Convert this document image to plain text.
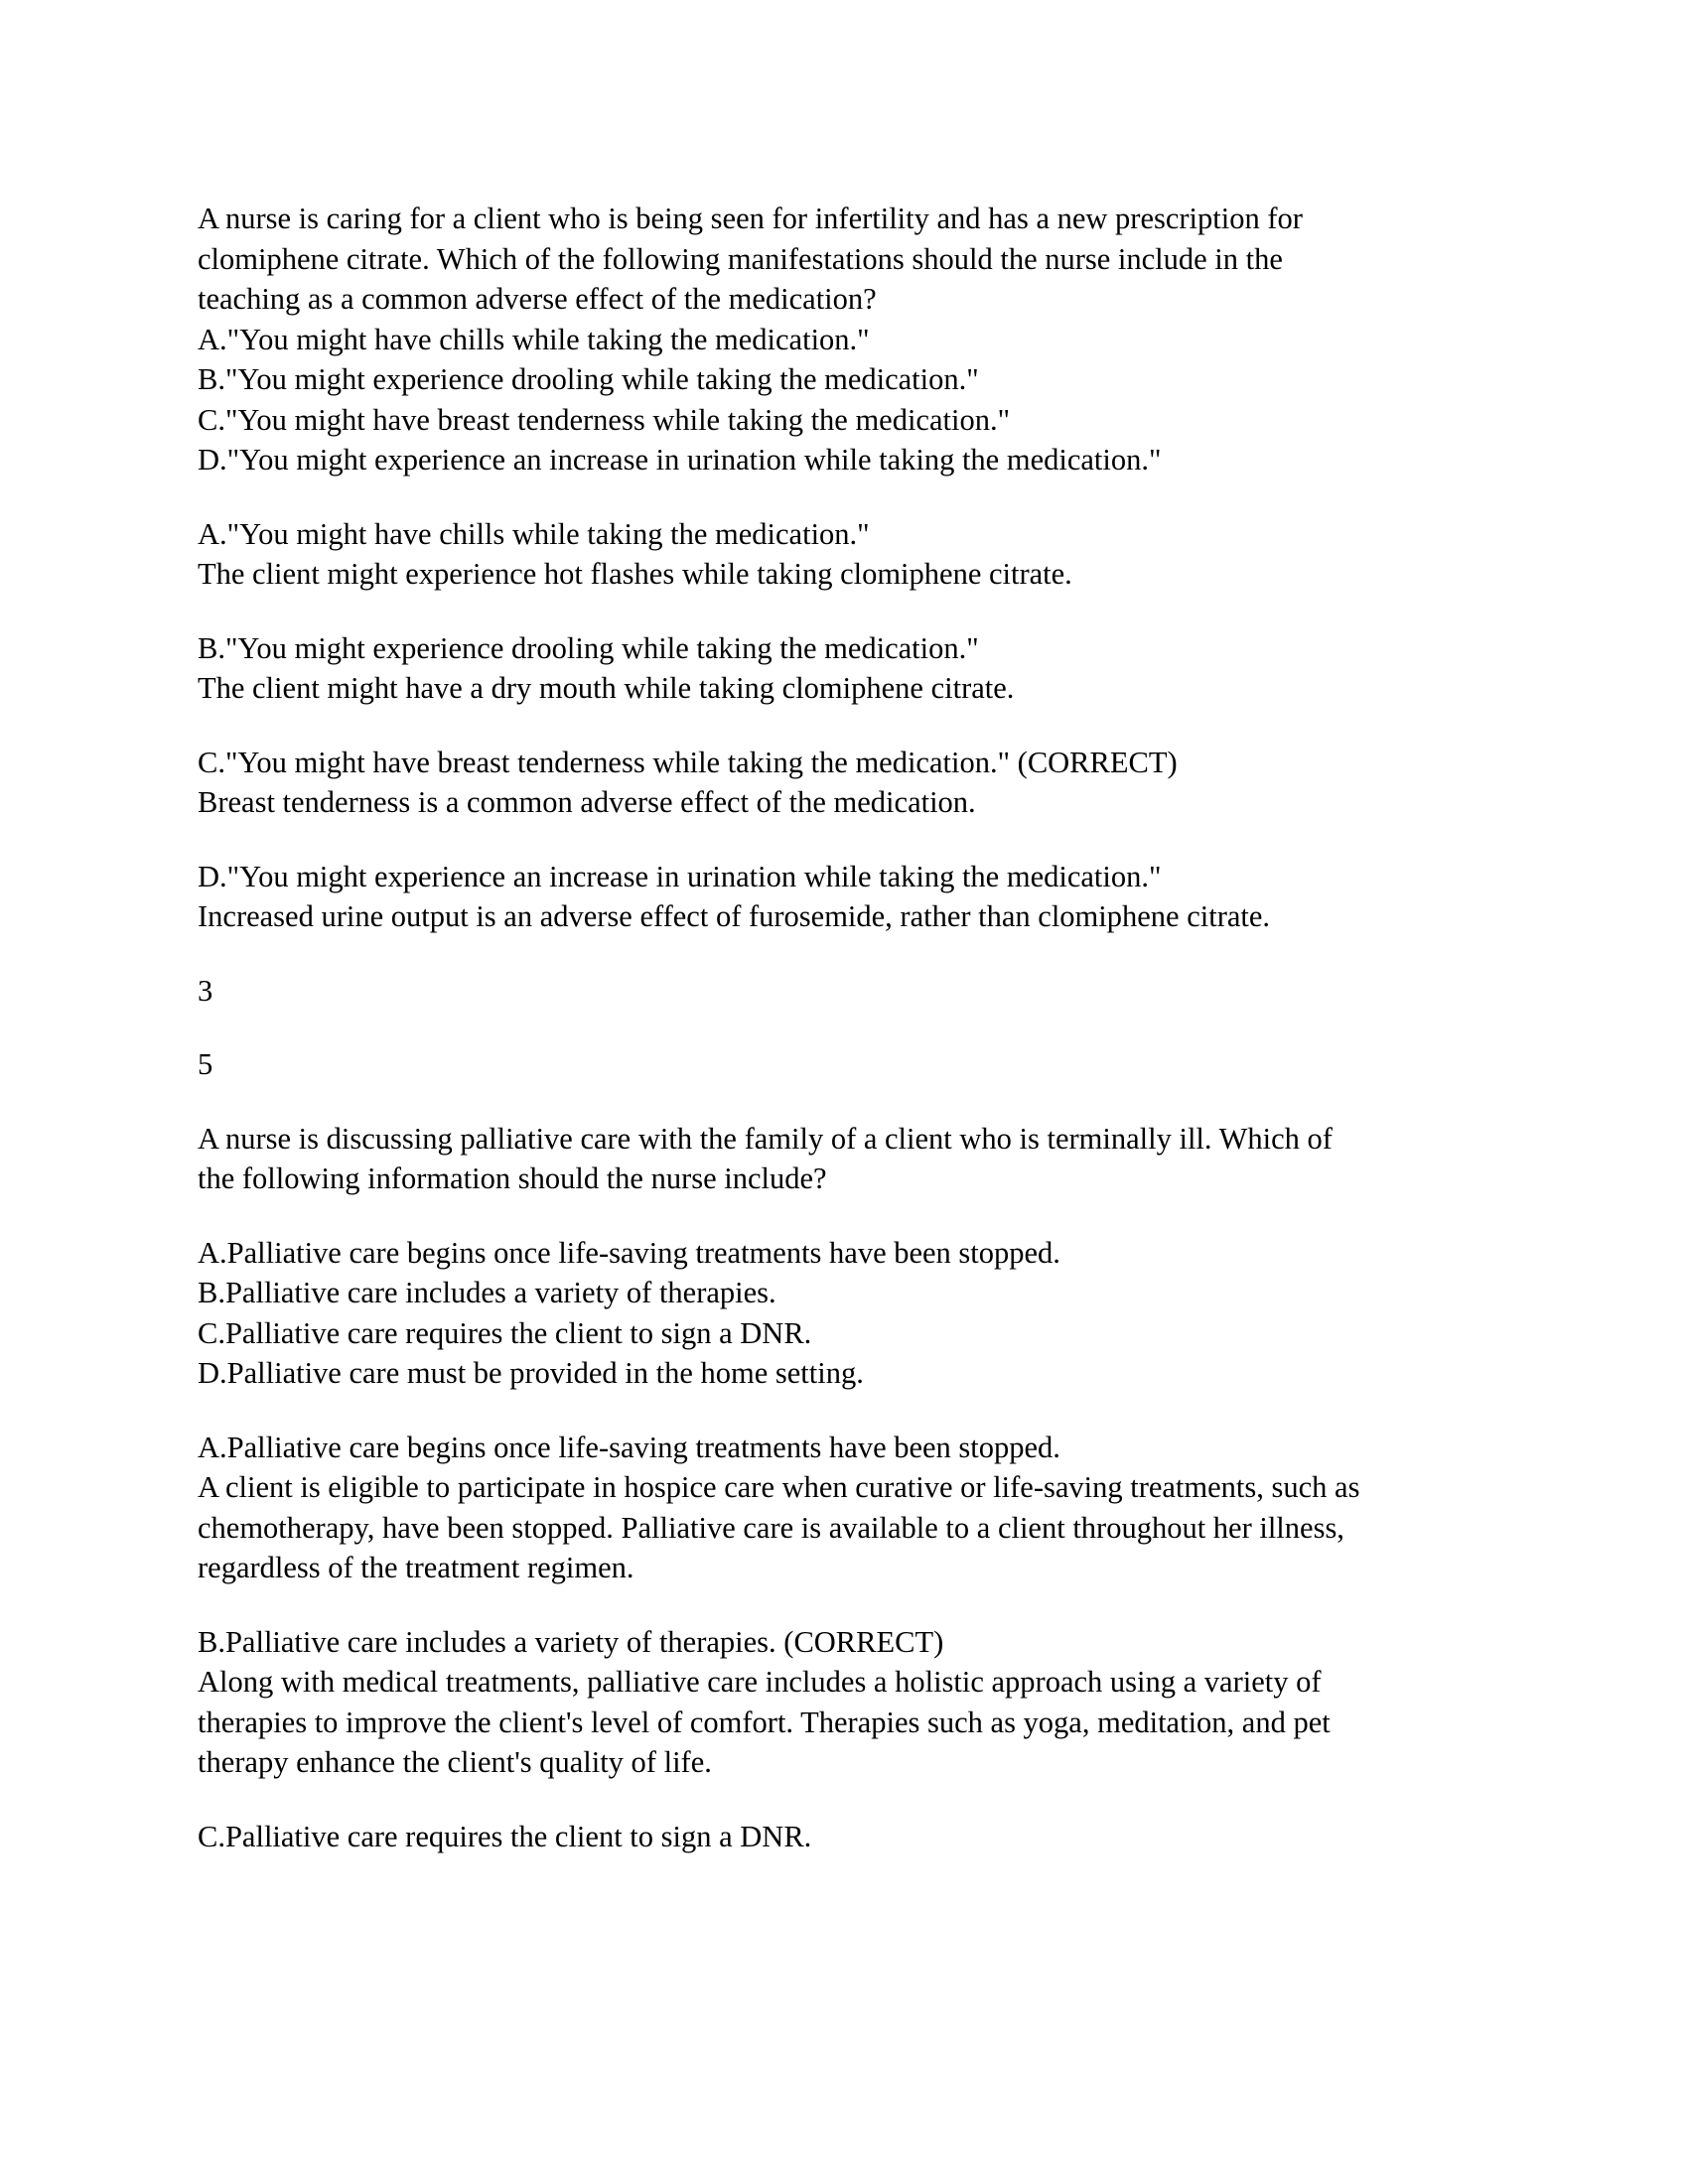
A nurse is caring for a client who is being seen for infertility and has a new prescription for
clomiphene citrate. Which of the following manifestations should the nurse include in the
teaching as a common adverse effect of the medication?
A."You might have chills while taking the medication."
B."You might experience drooling while taking the medication."
C."You might have breast tenderness while taking the medication."
D."You might experience an increase in urination while taking the medication."
A."You might have chills while taking the medication."
The client might experience hot flashes while taking clomiphene citrate.
B."You might experience drooling while taking the medication."
The client might have a dry mouth while taking clomiphene citrate.
C."You might have breast tenderness while taking the medication." (CORRECT)
Breast tenderness is a common adverse effect of the medication.
D."You might experience an increase in urination while taking the medication."
Increased urine output is an adverse effect of furosemide, rather than clomiphene citrate.
3
5
A nurse is discussing palliative care with the family of a client who is terminally ill. Which of
the following information should the nurse include?
A.Palliative care begins once life-saving treatments have been stopped.
B.Palliative care includes a variety of therapies.
C.Palliative care requires the client to sign a DNR.
D.Palliative care must be provided in the home setting.
A.Palliative care begins once life-saving treatments have been stopped.
A client is eligible to participate in hospice care when curative or life-saving treatments, such as
chemotherapy, have been stopped. Palliative care is available to a client throughout her illness,
regardless of the treatment regimen.
B.Palliative care includes a variety of therapies. (CORRECT)
Along with medical treatments, palliative care includes a holistic approach using a variety of
therapies to improve the client's level of comfort. Therapies such as yoga, meditation, and pet
therapy enhance the client's quality of life.
C.Palliative care requires the client to sign a DNR.
